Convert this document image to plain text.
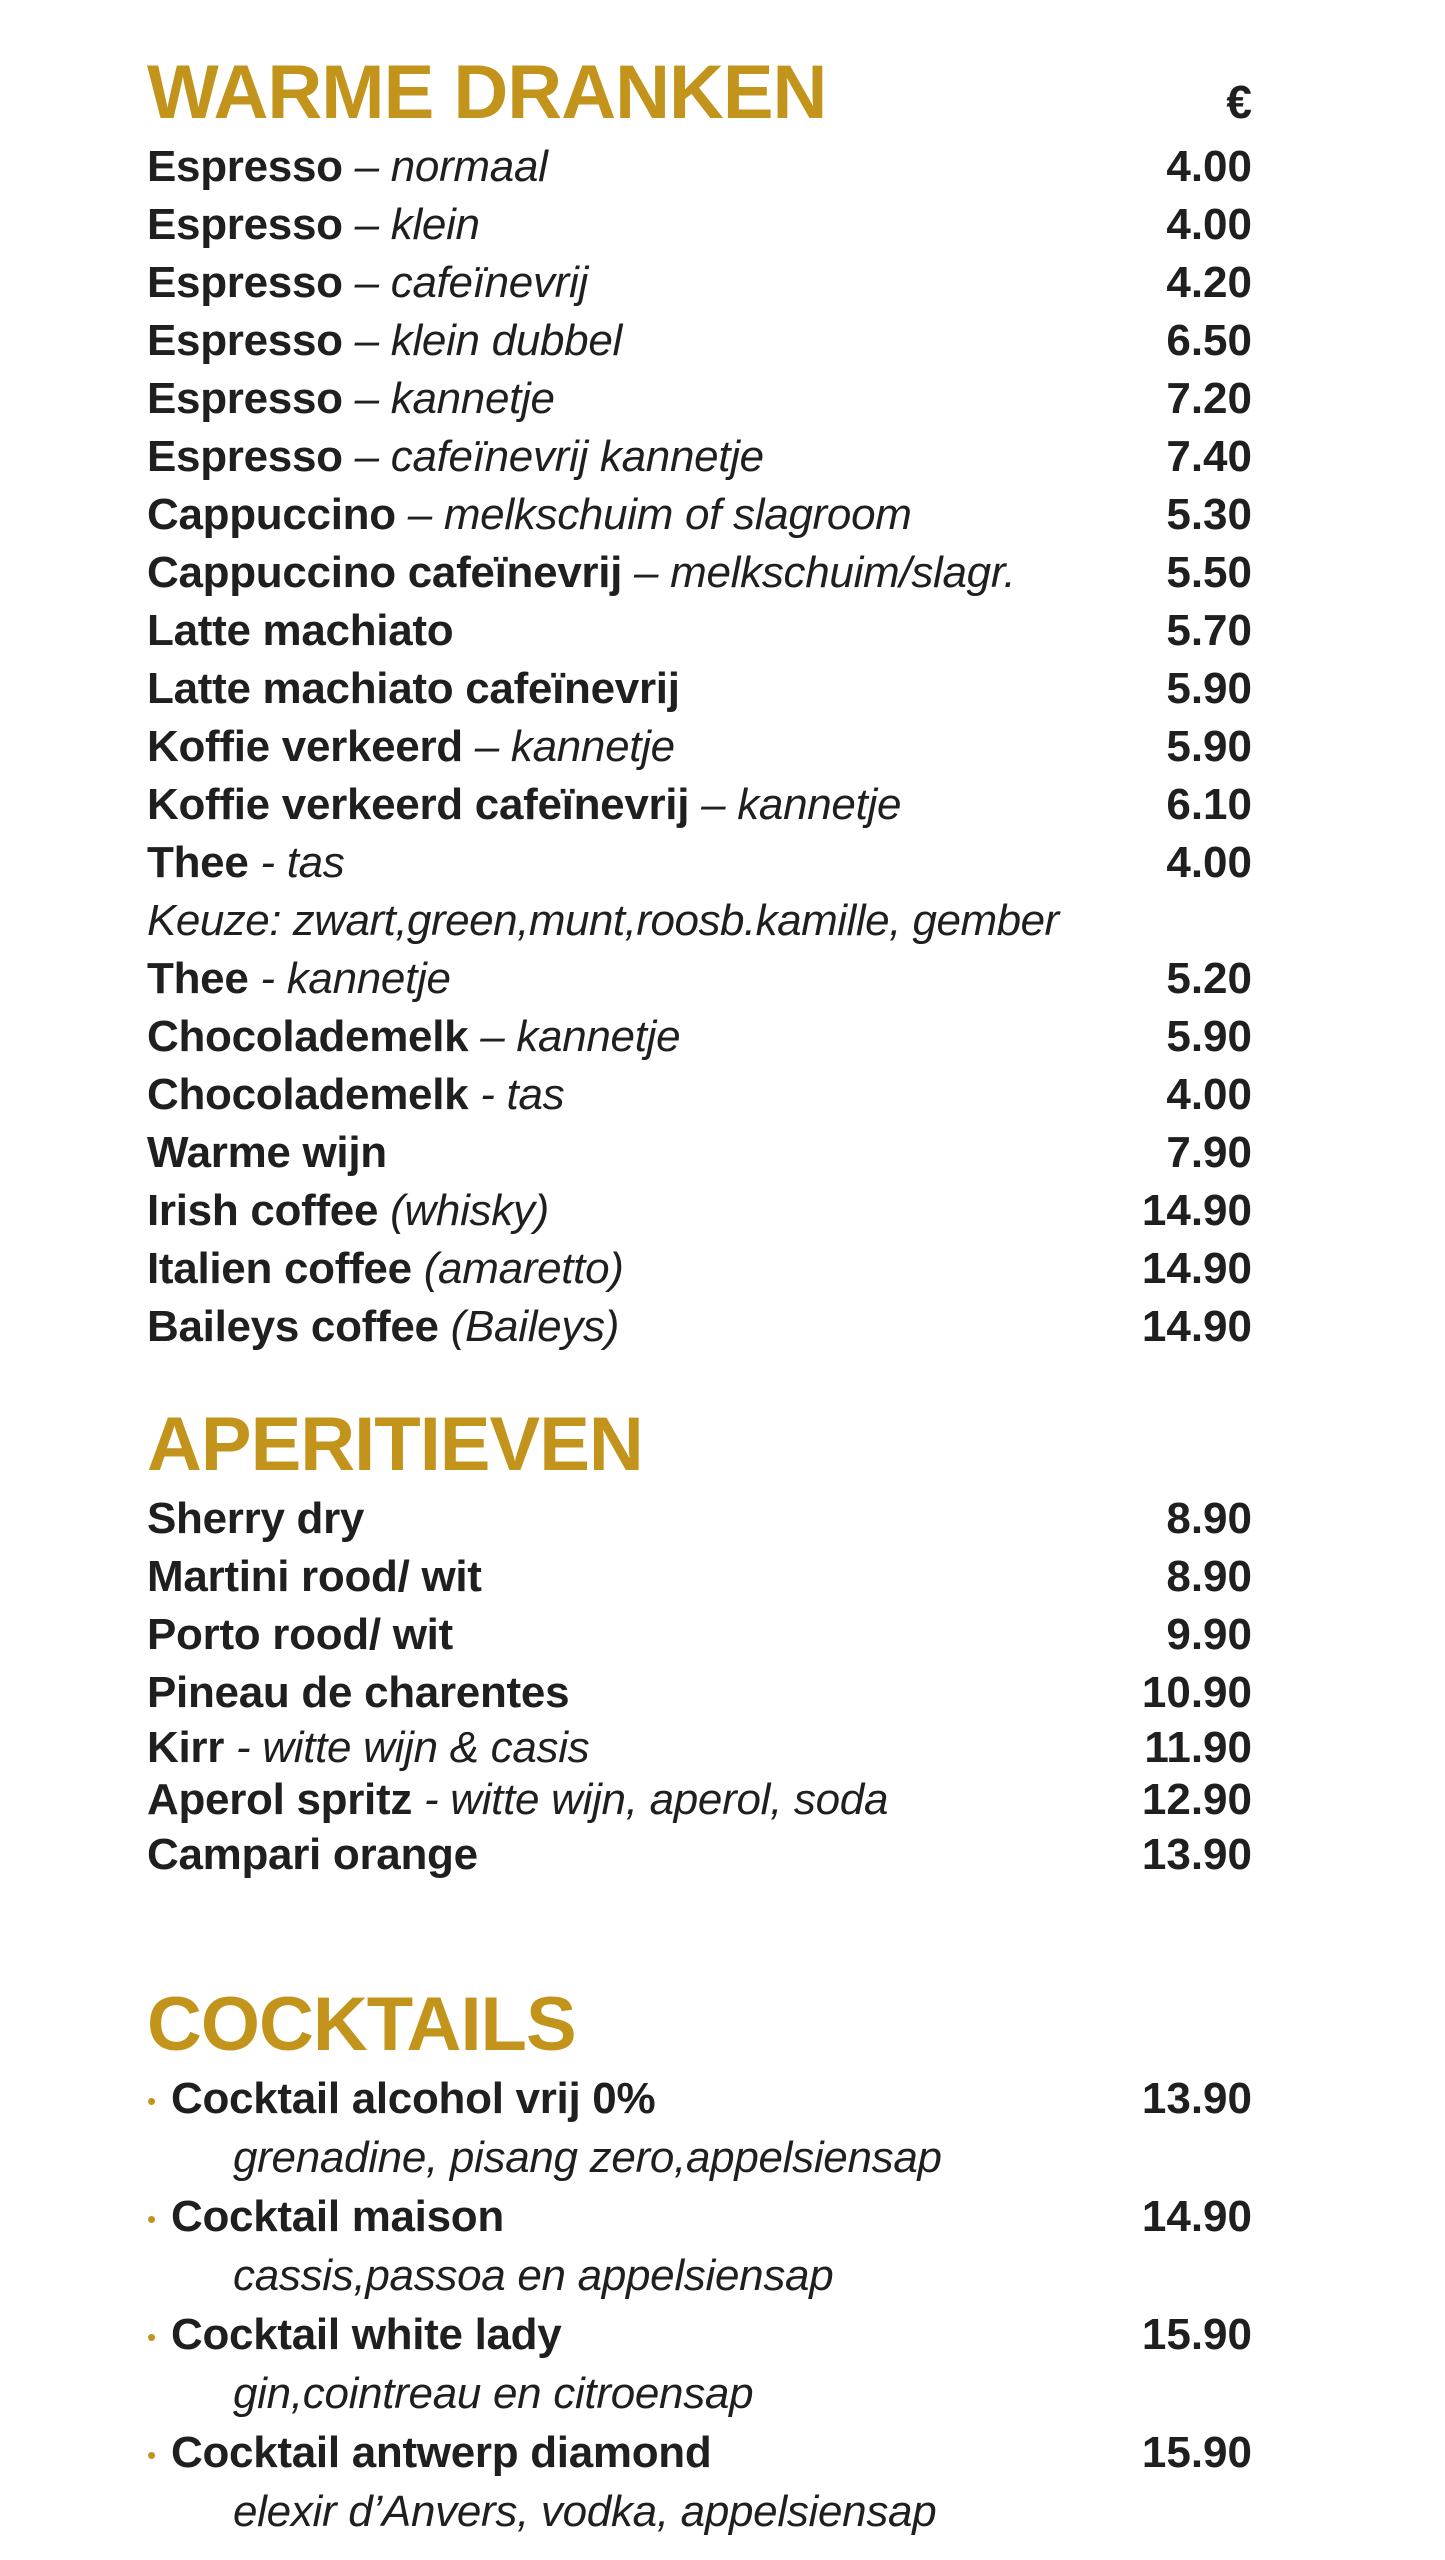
WARME DRANKEN	€
Espresso – normaal	4.00
Espresso – klein	4.00
Espresso – cafeïnevrij	4.20
Espresso – klein dubbel	6.50
Espresso – kannetje	7.20
Espresso – cafeïnevrij kannetje	7.40
Cappuccino – melkschuim of slagroom	5.30
Cappuccino cafeïnevrij – melkschuim/slagr.	5.50
Latte machiato	5.70
Latte machiato cafeïnevrij	5.90
Koffie verkeerd – kannetje	5.90
Koffie verkeerd cafeïnevrij – kannetje	6.10
Thee - tas	4.00
Keuze: zwart,green,munt,roosb.kamille, gember
Thee - kannetje	5.20
Chocolademelk – kannetje	5.90
Chocolademelk - tas	4.00
Warme wijn	7.90
Irish coffee (whisky)	14.90
Italien coffee (amaretto)	14.90
Baileys coffee (Baileys)	14.90
APERITIEVEN
Sherry dry	8.90
Martini rood/ wit	8.90
Porto rood/ wit	9.90
Pineau de charentes	10.90
Kirr - witte wijn & casis	11.90
Aperol spritz - witte wijn, aperol, soda	12.90
Campari orange	13.90
COCKTAILS
• Cocktail alcohol vrij 0%	13.90
grenadine, pisang zero,appelsiensap
• Cocktail maison	14.90
cassis,passoa en appelsiensap
• Cocktail white lady	15.90
gin,cointreau en citroensap
• Cocktail antwerp diamond	15.90
elexir d’Anvers, vodka, appelsiensap
